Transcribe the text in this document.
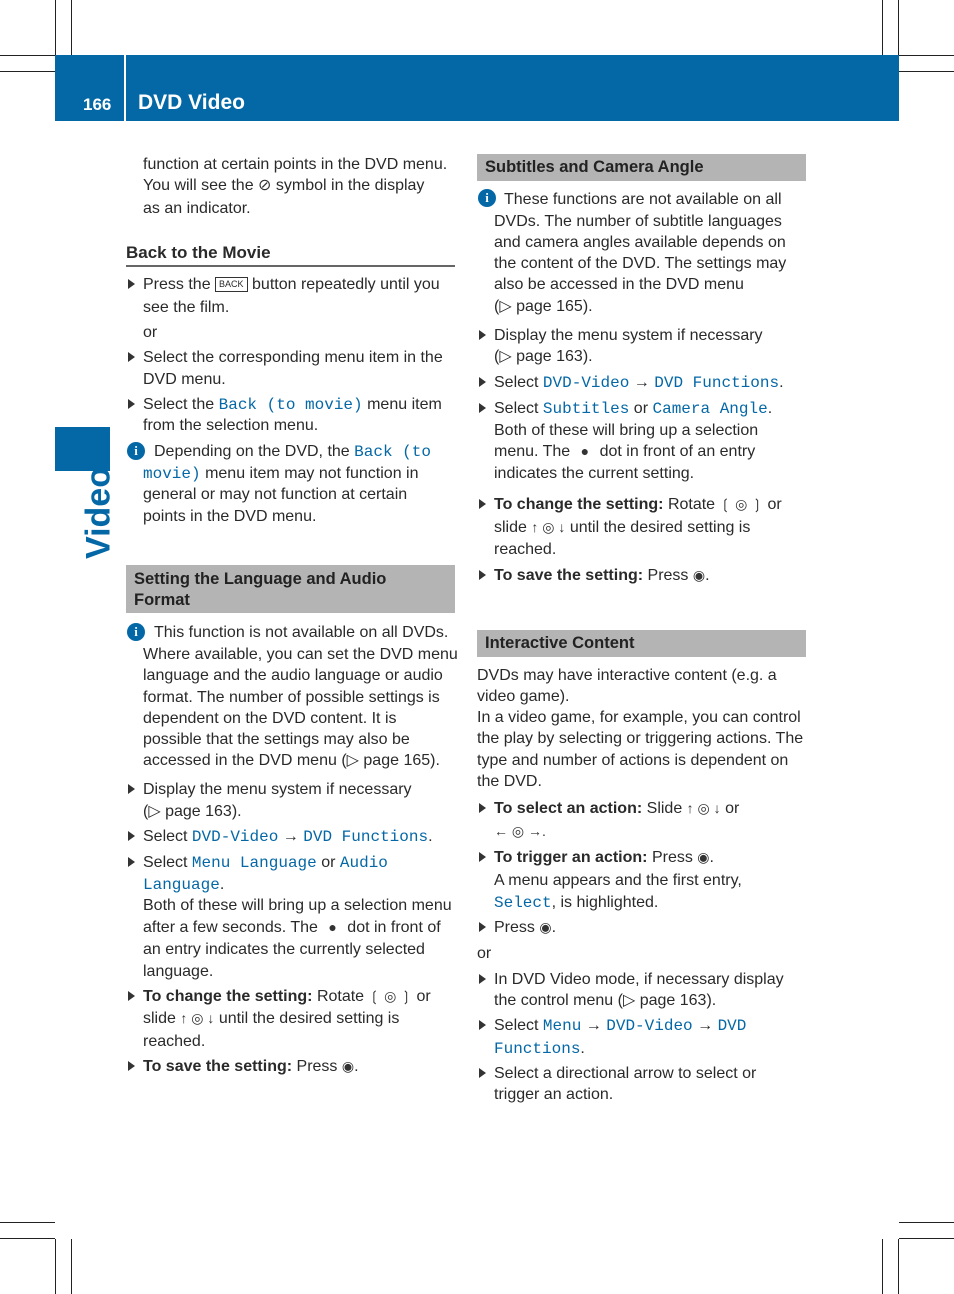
166 DVD Video
Video
function at certain points in the DVD menu.
You will see the ⊘ symbol in the display
as an indicator.
Back to the Movie
Press the BACK button repeatedly until you
see the film.
or
Select the corresponding menu item in the
DVD menu.
Select the Back (to movie) menu item
from the selection menu.
i	Depending on the DVD, the Back (to
movie) menu item may not function in
general or may not function at certain
points in the DVD menu.
Setting the Language and Audio
Format
i	This function is not available on all DVDs.
Where available, you can set the DVD menu
language and the audio language or audio
format. The number of possible settings is
dependent on the DVD content. It is
possible that the settings may also be
accessed in the DVD menu (▷ page 165).
Display the menu system if necessary
(▷ page 163).
Select DVD-Video → DVD Functions.
Select Menu Language or Audio
Language.
Both of these will bring up a selection menu
after a few seconds. The ● dot in front of
an entry indicates the currently selected
language.
To change the setting: Rotate ❲ ◎ ❳ or
slide ↑ ◎ ↓ until the desired setting is
reached.
To save the setting: Press ◉.
Subtitles and Camera Angle
i These functions are not available on all
DVDs. The number of subtitle languages
and camera angles available depends on
the content of the DVD. The settings may
also be accessed in the DVD menu
(▷ page 165).
Display the menu system if necessary
(▷ page 163).
Select DVD-Video → DVD Functions.
Select Subtitles or Camera Angle.
Both of these will bring up a selection
menu. The ● dot in front of an entry
indicates the current setting.
To change the setting: Rotate ❲ ◎ ❳ or
slide ↑ ◎ ↓ until the desired setting is
reached.
To save the setting: Press ◉.
Interactive Content
DVDs may have interactive content (e.g. a
video game).
In a video game, for example, you can control
the play by selecting or triggering actions. The
type and number of actions is dependent on
the DVD.
To select an action: Slide ↑ ◎ ↓ or
← ◎ →.
To trigger an action: Press ◉.
A menu appears and the first entry,
Select, is highlighted.
Press ◉.
or
In DVD Video mode, if necessary display
the control menu (▷ page 163).
Select Menu → DVD-Video → DVD
Functions.
Select a directional arrow to select or
trigger an action.
